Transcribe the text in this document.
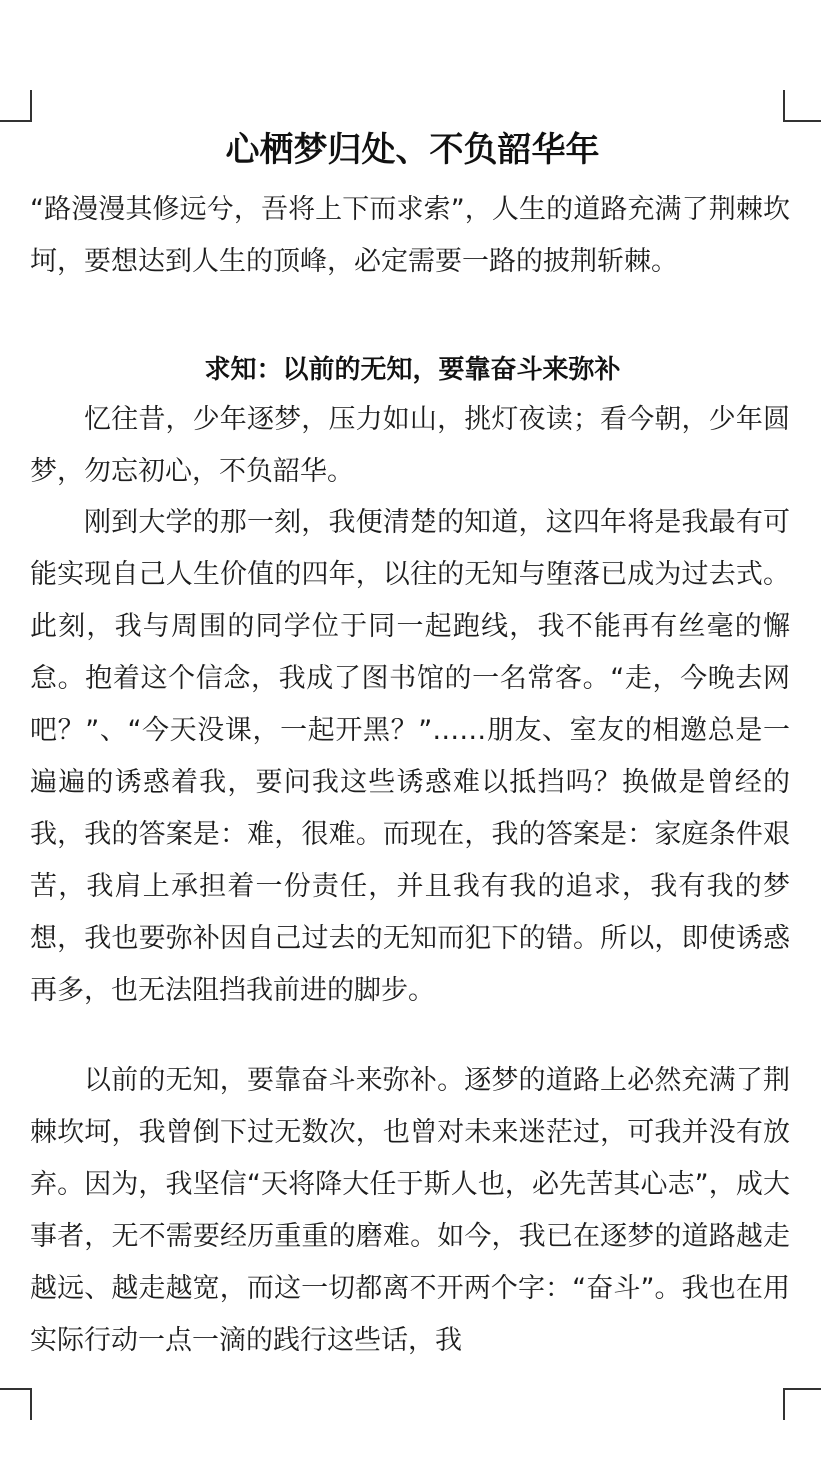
心栖梦归处、不负韶华年

“路漫漫其修远兮，吾将上下而求索”，人生的道路充满了荆棘坎坷，要想达到人生的顶峰，必定需要一路的披荆斩棘。

求知：以前的无知，要靠奋斗来弥补

忆往昔，少年逐梦，压力如山，挑灯夜读；看今朝，少年圆梦，勿忘初心，不负韶华。

刚到大学的那一刻，我便清楚的知道，这四年将是我最有可能实现自己人生价值的四年，以往的无知与堕落已成为过去式。此刻，我与周围的同学位于同一起跑线，我不能再有丝毫的懈怠。抱着这个信念，我成了图书馆的一名常客。“走，今晚去网吧？”、“今天没课，一起开黑？”……朋友、室友的相邀总是一遍遍的诱惑着我，要问我这些诱惑难以抵挡吗？换做是曾经的我，我的答案是：难，很难。而现在，我的答案是：家庭条件艰苦，我肩上承担着一份责任，并且我有我的追求，我有我的梦想，我也要弥补因自己过去的无知而犯下的错。所以，即使诱惑再多，也无法阻挡我前进的脚步。

以前的无知，要靠奋斗来弥补。逐梦的道路上必然充满了荆棘坎坷，我曾倒下过无数次，也曾对未来迷茫过，可我并没有放弃。因为，我坚信“天将降大任于斯人也，必先苦其心志”，成大事者，无不需要经历重重的磨难。如今，我已在逐梦的道路越走越远、越走越宽，而这一切都离不开两个字：“奋斗”。我也在用实际行动一点一滴的践行这些话，我
